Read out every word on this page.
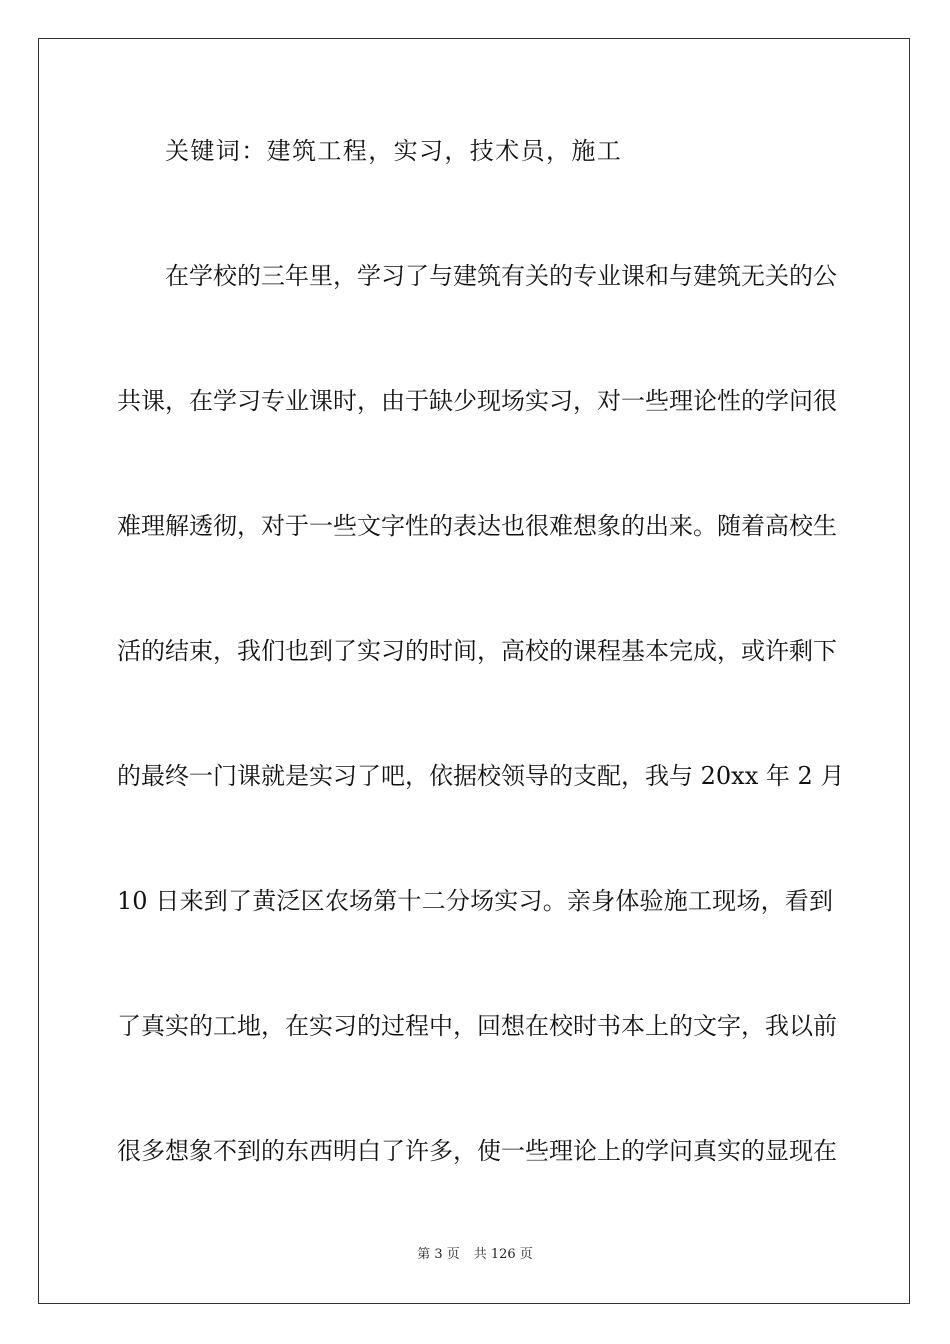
关键词：建筑工程，实习，技术员，施工
在学校的三年里，学习了与建筑有关的专业课和与建筑无关的公
共课，在学习专业课时，由于缺少现场实习，对一些理论性的学问很
难理解透彻，对于一些文字性的表达也很难想象的出来。随着高校生
活的结束，我们也到了实习的时间，高校的课程基本完成，或许剩下
的最终一门课就是实习了吧，依据校领导的支配，我与 20xx 年 2 月
10 日来到了黄泛区农场第十二分场实习。亲身体验施工现场，看到
了真实的工地，在实习的过程中，回想在校时书本上的文字，我以前
很多想象不到的东西明白了许多，使一些理论上的学问真实的显现在
第 3 页 共 126 页
